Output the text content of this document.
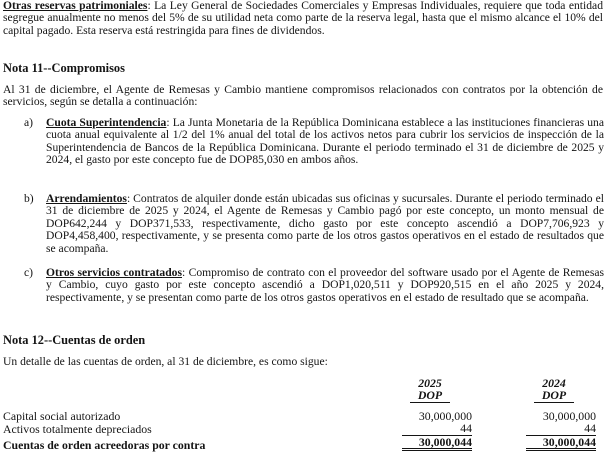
Otras reservas patrimoniales: La Ley General de Sociedades Comerciales y Empresas Individuales, requiere que toda entidad segregue anualmente no menos del 5% de su utilidad neta como parte de la reserva legal, hasta que el mismo alcance el 10% del capital pagado. Esta reserva está restringida para fines de dividendos.

Nota 11--Compromisos

Al 31 de diciembre, el Agente de Remesas y Cambio mantiene compromisos relacionados con contratos por la obtención de servicios, según se detalla a continuación:

a)	Cuota Superintendencia: La Junta Monetaria de la República Dominicana establece a las instituciones financieras una cuota anual equivalente al 1/2 del 1% anual del total de los activos netos para cubrir los servicios de inspección de la Superintendencia de Bancos de la República Dominicana. Durante el periodo terminado el 31 de diciembre de 2025 y 2024, el gasto por este concepto fue de DOP85,030 en ambos años.

b)	Arrendamientos: Contratos de alquiler donde están ubicadas sus oficinas y sucursales. Durante el periodo terminado el 31 de diciembre de 2025 y 2024, el Agente de Remesas y Cambio pagó por este concepto, un monto mensual de DOP642,244 y DOP371,533, respectivamente, dicho gasto por este concepto ascendió a DOP7,706,923 y DOP4,458,400, respectivamente, y se presenta como parte de los otros gastos operativos en el estado de resultados que se acompaña.

c)	Otros servicios contratados: Compromiso de contrato con el proveedor del software usado por el Agente de Remesas y Cambio, cuyo gasto por este concepto ascendió a DOP1,020,511 y DOP920,515 en el año 2025 y 2024, respectivamente, y se presentan como parte de los otros gastos operativos en el estado de resultado que se acompaña.

Nota 12--Cuentas de orden

Un detalle de las cuentas de orden, al 31 de diciembre, es como sigue:

	2025		2024	
	DOP		DOP	

Capital social autorizado	30,000,000		30,000,000	
Activos totalmente depreciados	44		44	
Cuentas de orden acreedoras por contra	30,000,044		30,000,044	
